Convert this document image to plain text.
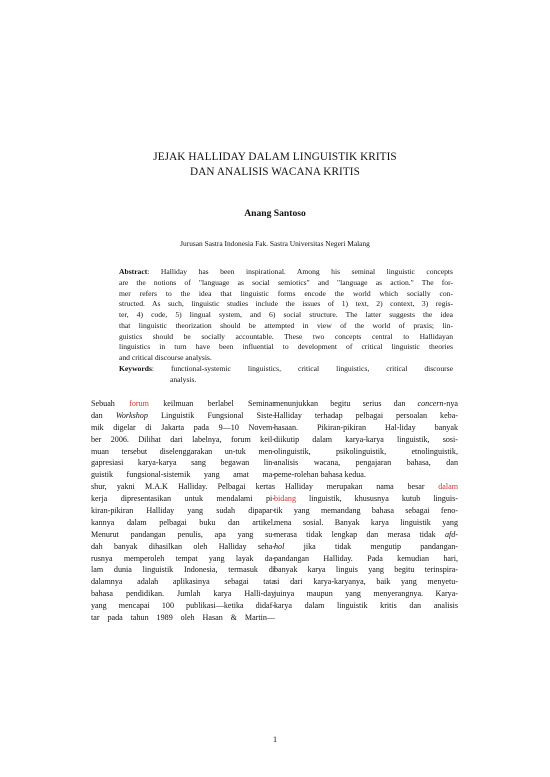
JEJAK HALLIDAY DALAM LINGUISTIK KRITIS
DAN ANALISIS WACANA KRITIS
Anang Santoso
Jurusan Sastra Indonesia Fak. Sastra Universitas Negeri Malang
Abstract: Halliday has been inspirational. Among his seminal linguistic concepts
are the notions of "language as social semiotics" and "language as action." The for-
mer refers to the idea that linguistic forms encode the world which socially con-
structed. As such, linguistic studies include the issues of 1) text, 2) context, 3) regis-
ter, 4) code, 5) lingual system, and 6) social structure. The latter suggests the idea
that linguistic theorization should be attempted in view of the world of praxis; lin-
guistics should be socially accountable. These two concepts central to Hallidayan
linguistics in turn have been influential to development of critical linguistic theories
and critical discourse analysis.
Keywords: functional-systemic linguistics, critical linguistics, critical discourse
analysis.
Sebuah forum keilmuan berlabel Seminar
dan Workshop Linguistik Fungsional Siste-
mik digelar di Jakarta pada 9—10 Novem-
ber 2006. Dilihat dari labelnya, forum keil-
muan tersebut diselenggarakan un-tuk men-
gapresiasi karya-karya sang begawan lin-
guistik fungsional-sistemik yang amat ma-
shur, yakni M.A.K Halliday. Pelbagai kertas
kerja dipresentasikan untuk mendalami pi-
kiran-pikiran Halliday yang sudah dipapar-
kannya dalam pelbagai buku dan artikel.
Menurut pandangan penulis, apa yang su-
dah banyak dihasilkan oleh Halliday seha-
rusnya memperoleh tempat yang layak da-
lam dunia linguistik Indonesia, termasuk di
dalamnya adalah aplikasinya sebagai tata
bahasa pendidikan. Jumlah karya Halli-day
yang mencapai 100 publikasi—ketika didaf-
tar pada tahun 1989 oleh Hasan & Martin—
menunjukkan begitu serius dan concern-nya
Halliday terhadap pelbagai persoalan keba-
hasaan. Pikiran-pikiran Hal-liday banyak
diikutip dalam karya-karya linguistik, sosi-
olinguistik, psikolinguistik, etnolinguistik,
analisis wacana, pengajaran bahasa, dan
peme-rolehan bahasa kedua.
Halliday merupakan nama besar dalam
bidang linguistik, khususnya kutub linguis-
tik yang memandang bahasa sebagai feno-
mena sosial. Banyak karya linguistik yang
merasa tidak lengkap dan merasa tidak afd-
hol jika tidak mengutip pandangan-
pandangan Halliday. Pada kemudian hari,
banyak karya linguis yang begitu terinspira-
si dari karya-karyanya, baik yang menyetu-
juinya maupun yang menyerangnya. Karya-
karya dalam linguistik kritis dan analisis
1
